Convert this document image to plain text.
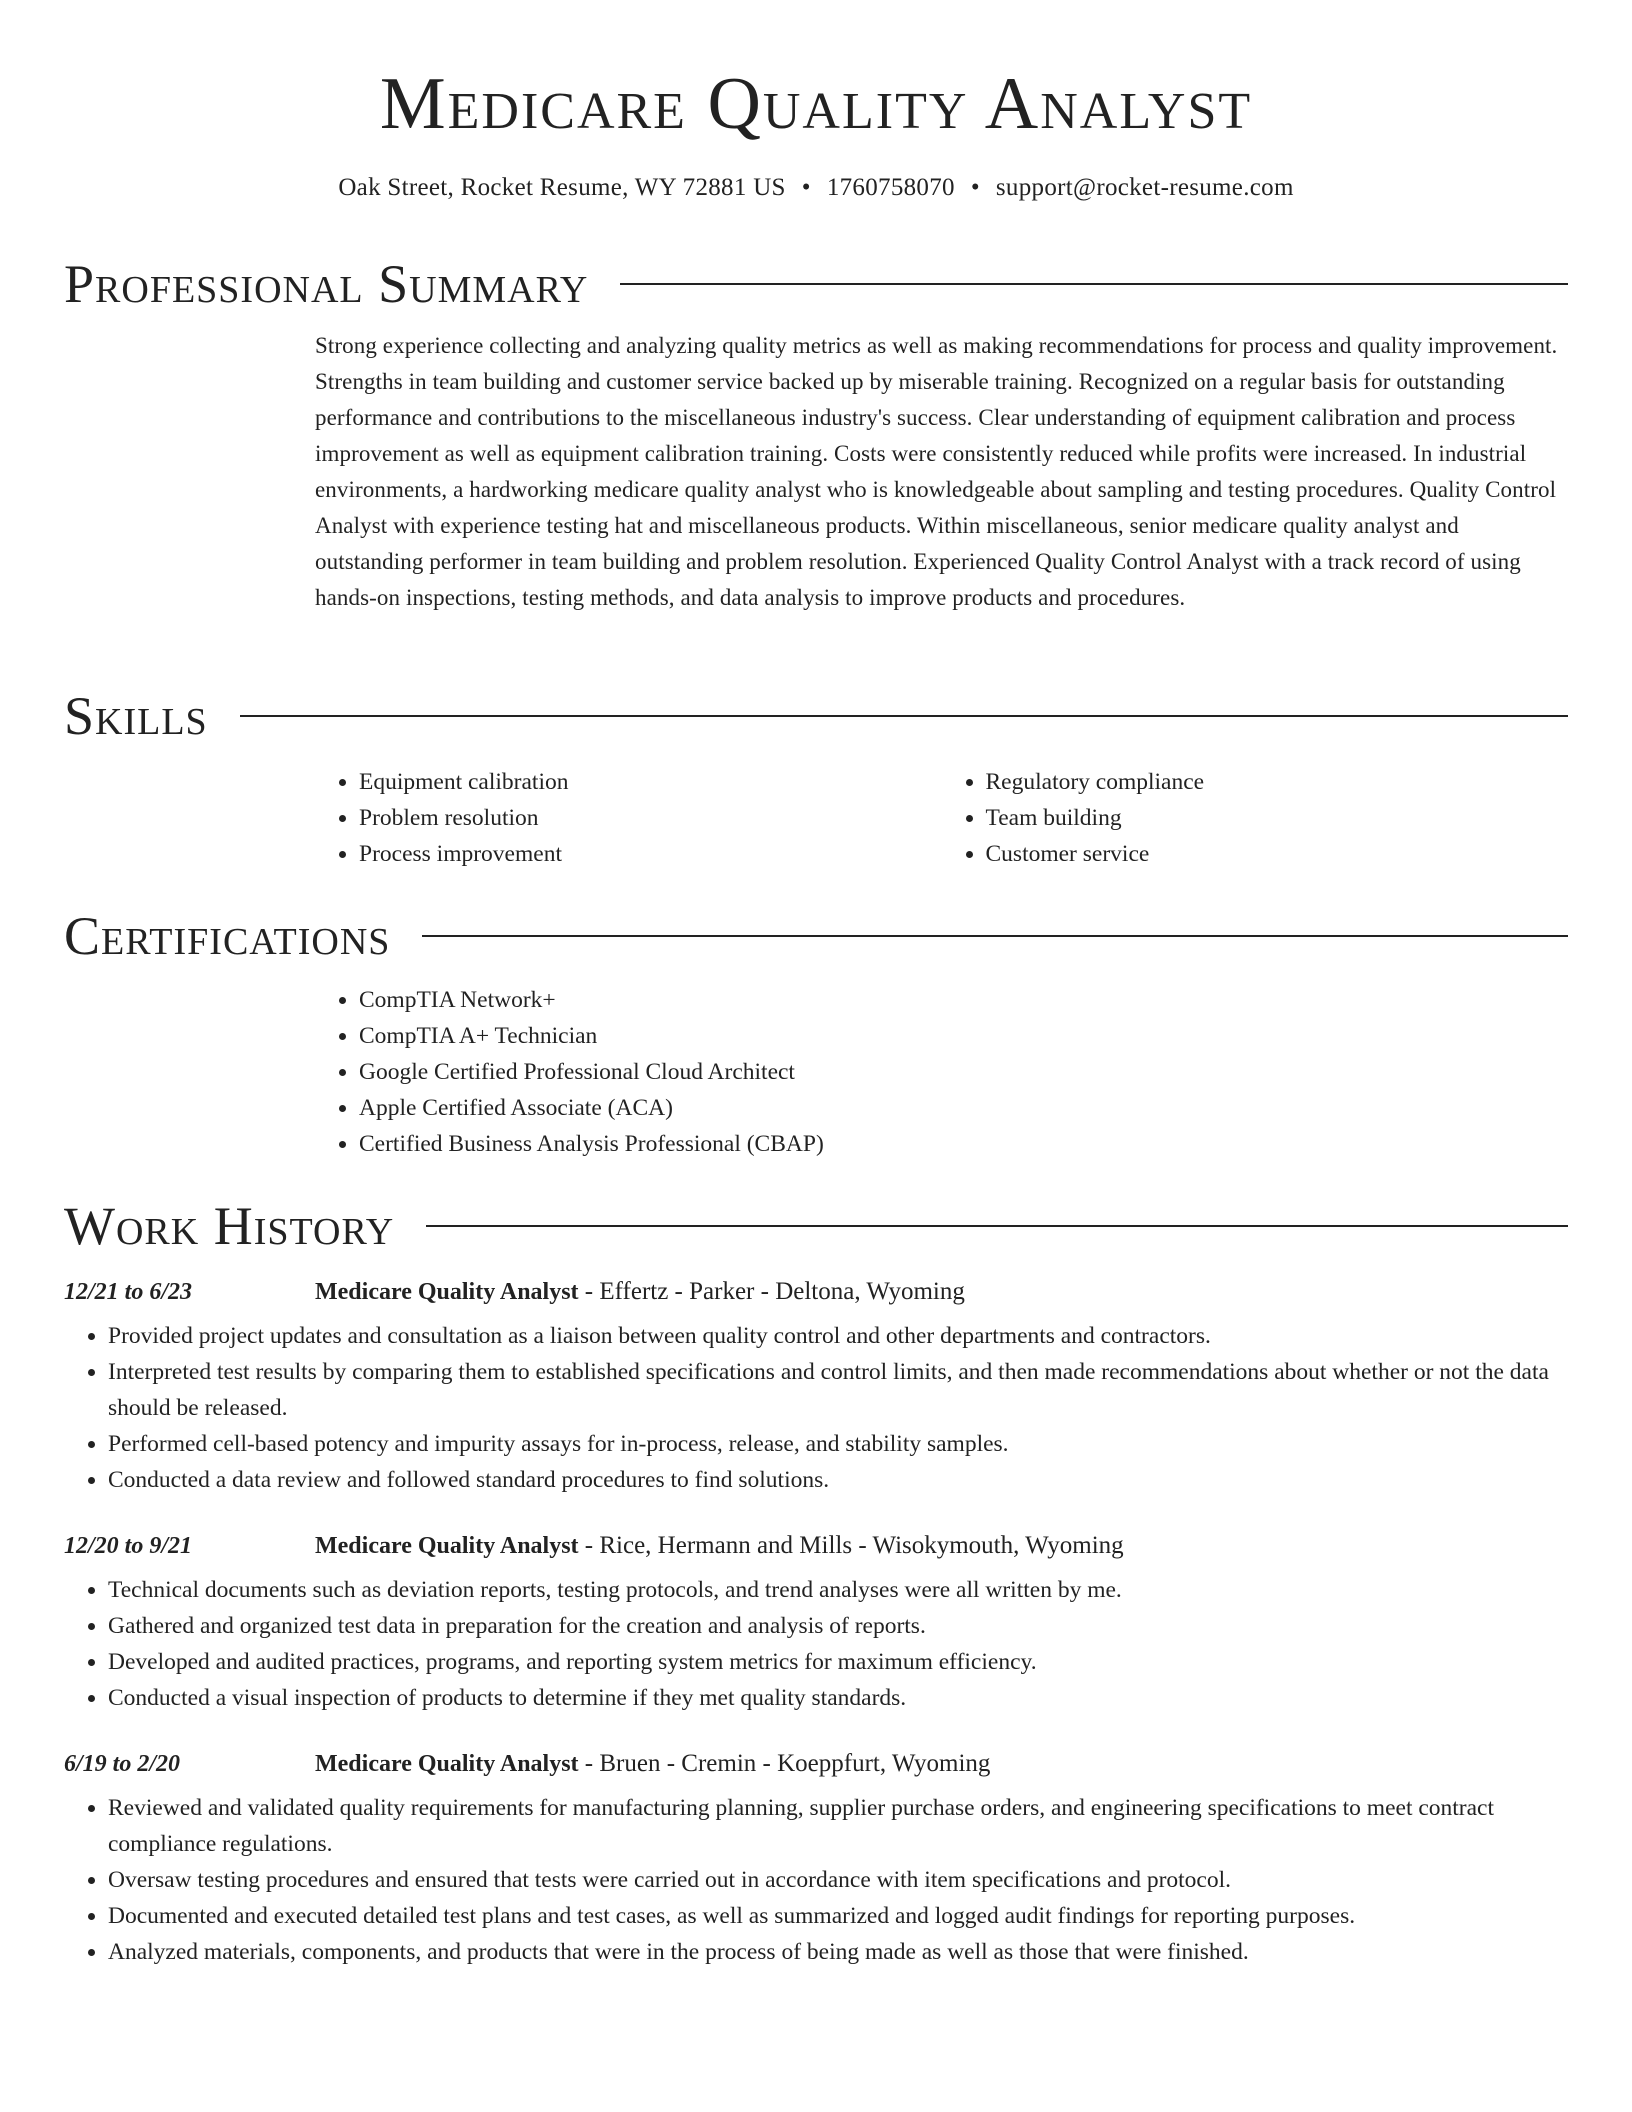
Medicare Quality Analyst
Oak Street, Rocket Resume, WY 72881 US • 1760758070 • support@rocket-resume.com
Professional Summary

Strong experience collecting and analyzing quality metrics as well as making recommendations for process and quality improvement. Strengths in team building and customer service backed up by miserable training. Recognized on a regular basis for outstanding performance and contributions to the miscellaneous industry's success. Clear understanding of equipment calibration and process improvement as well as equipment calibration training. Costs were consistently reduced while profits were increased. In industrial environments, a hardworking medicare quality analyst who is knowledgeable about sampling and testing procedures. Quality Control Analyst with experience testing hat and miscellaneous products. Within miscellaneous, senior medicare quality analyst and outstanding performer in team building and problem resolution. Experienced Quality Control Analyst with a track record of using hands-on inspections, testing methods, and data analysis to improve products and procedures.

Skills
• Equipment calibration
• Problem resolution
• Process improvement
• Regulatory compliance
• Team building
• Customer service
Certifications
• CompTIA Network+
• CompTIA A+ Technician
• Google Certified Professional Cloud Architect
• Apple Certified Associate (ACA)
• Certified Business Analysis Professional (CBAP)
Work History
12/21 to 6/23	Medicare Quality Analyst - Effertz - Parker - Deltona, Wyoming
• Provided project updates and consultation as a liaison between quality control and other departments and contractors.
• Interpreted test results by comparing them to established specifications and control limits, and then made recommendations about whether or not the data should be released.
• Performed cell-based potency and impurity assays for in-process, release, and stability samples.
• Conducted a data review and followed standard procedures to find solutions.
12/20 to 9/21	Medicare Quality Analyst - Rice, Hermann and Mills - Wisokymouth, Wyoming
• Technical documents such as deviation reports, testing protocols, and trend analyses were all written by me.
• Gathered and organized test data in preparation for the creation and analysis of reports.
• Developed and audited practices, programs, and reporting system metrics for maximum efficiency.
• Conducted a visual inspection of products to determine if they met quality standards.
6/19 to 2/20	Medicare Quality Analyst - Bruen - Cremin - Koeppfurt, Wyoming
• Reviewed and validated quality requirements for manufacturing planning, supplier purchase orders, and engineering specifications to meet contract compliance regulations.
• Oversaw testing procedures and ensured that tests were carried out in accordance with item specifications and protocol.
• Documented and executed detailed test plans and test cases, as well as summarized and logged audit findings for reporting purposes.
• Analyzed materials, components, and products that were in the process of being made as well as those that were finished.
